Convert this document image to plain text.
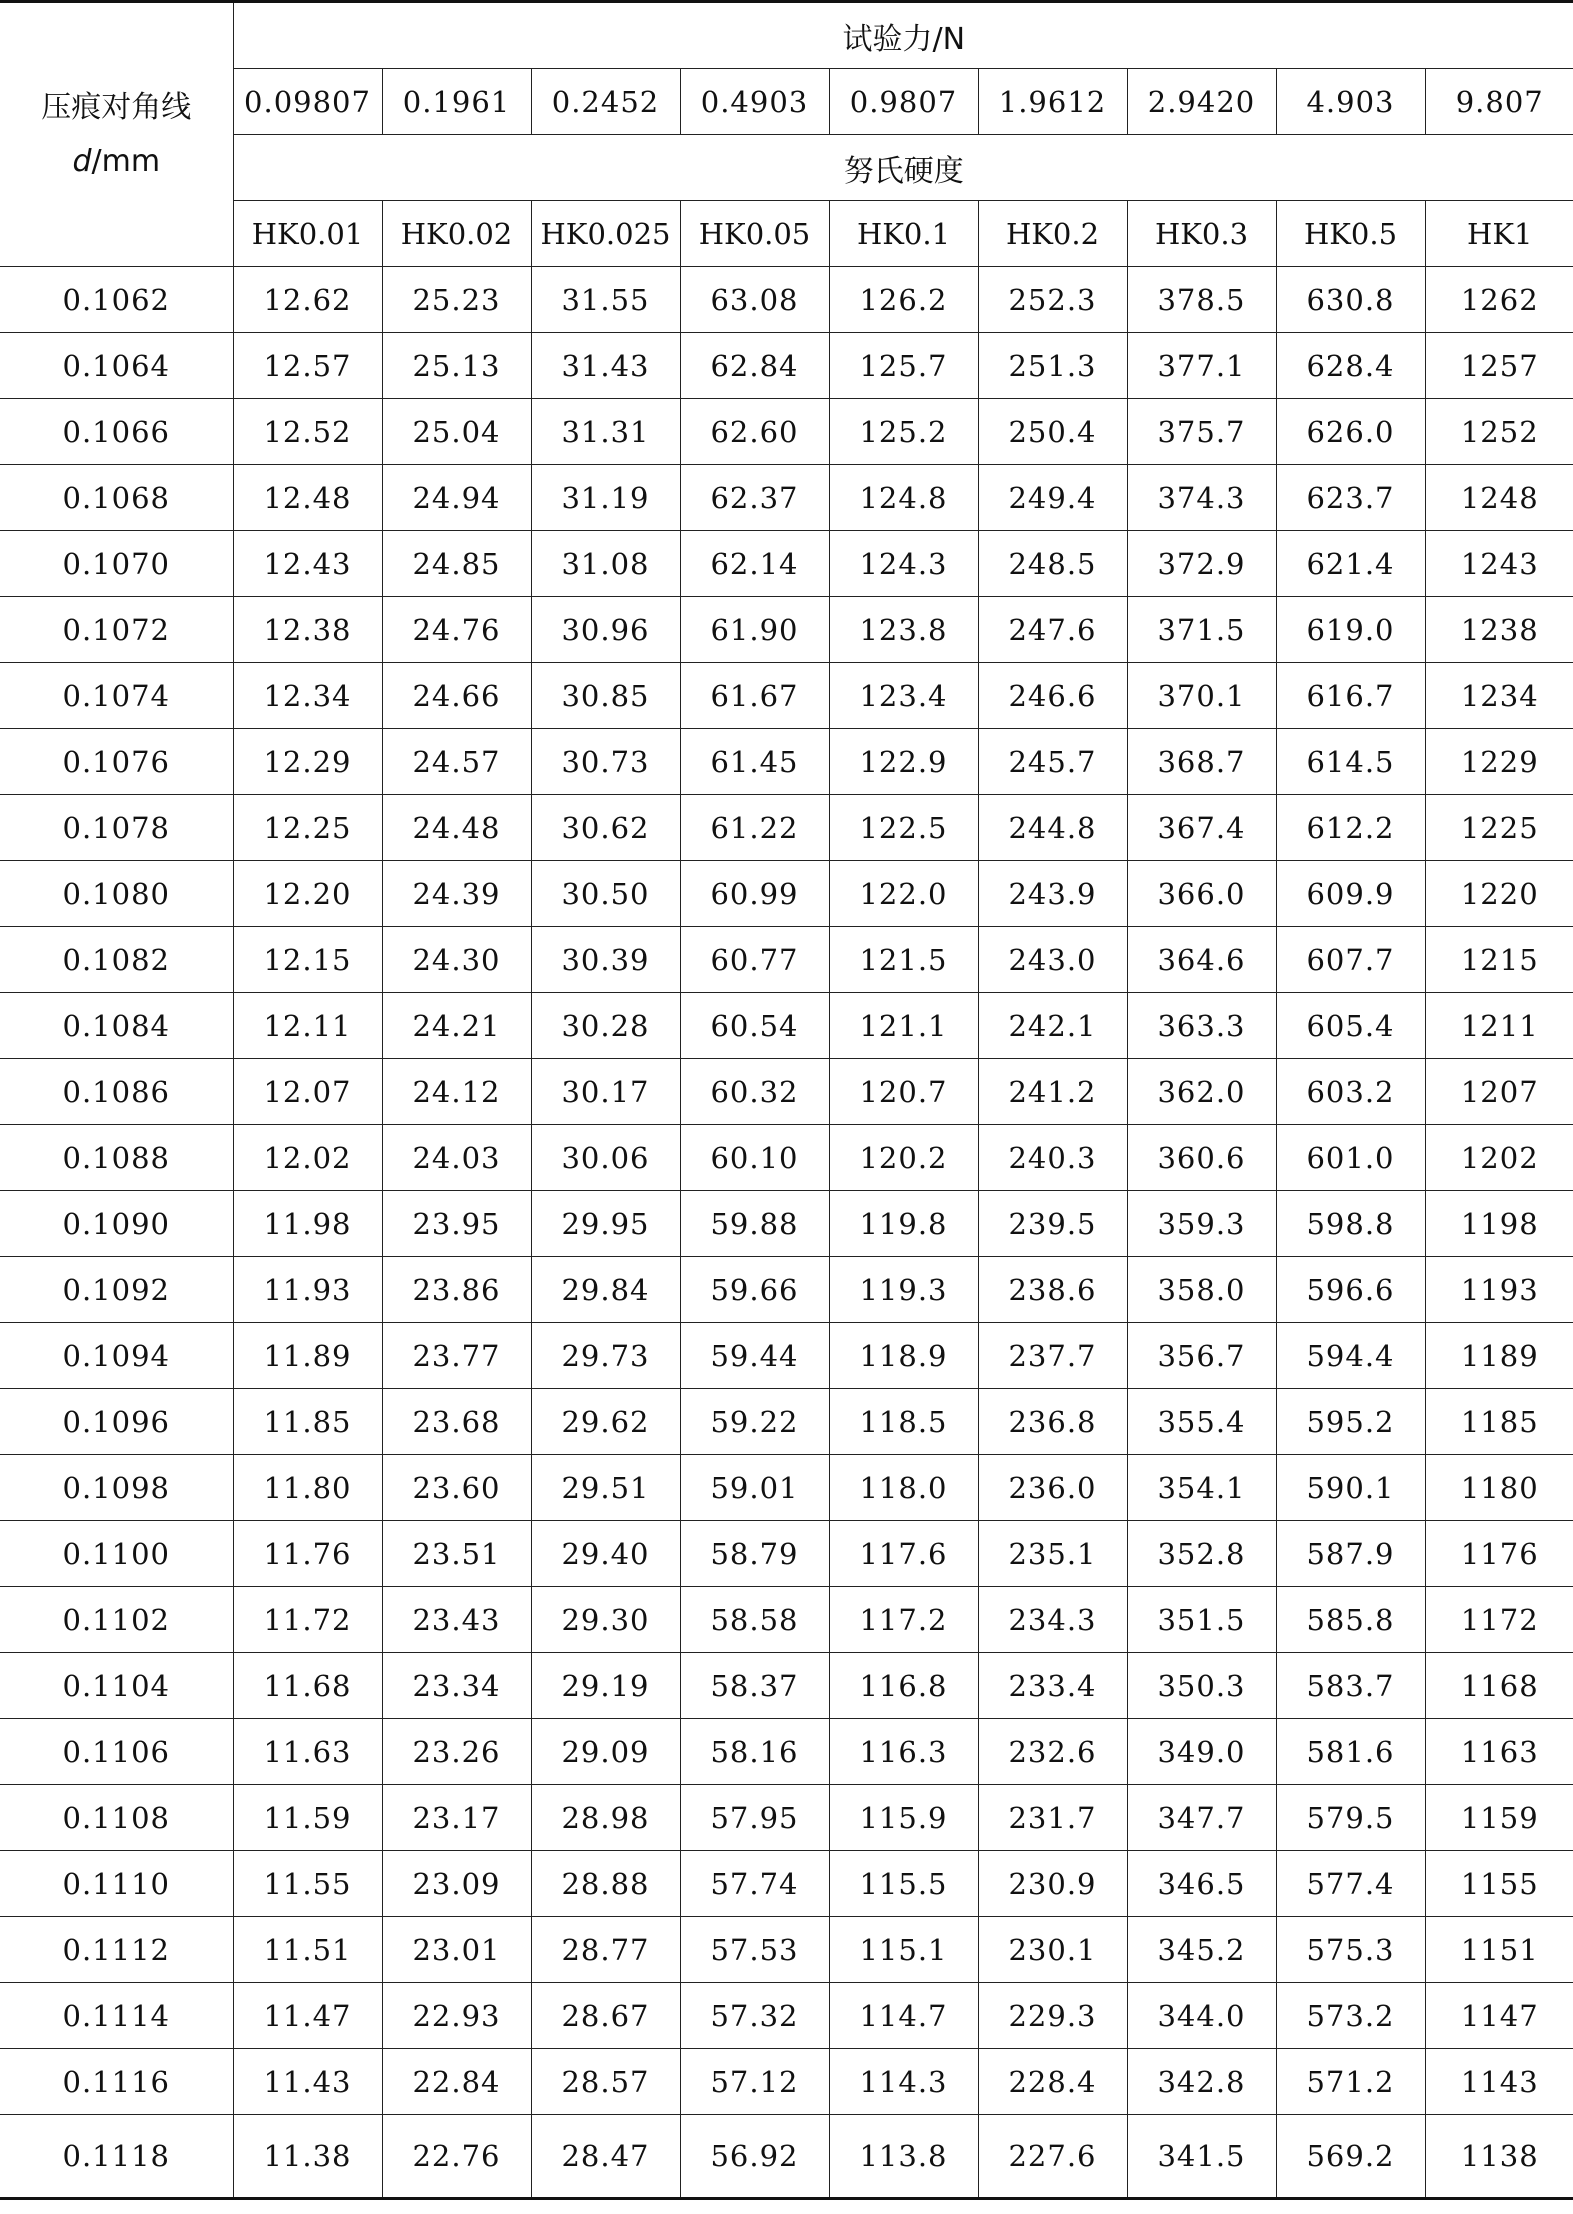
压痕对角线
d/mm	试验力/N								
	0.09807	0.1961	0.2452	0.4903	0.9807	1.9612	2.9420	4.903	9.807
	努氏硬度								
	HK0.01	HK0.02	HK0.025	HK0.05	HK0.1	HK0.2	HK0.3	HK0.5	HK1
0.1062	12.62	25.23	31.55	63.08	126.2	252.3	378.5	630.8	1262
0.1064	12.57	25.13	31.43	62.84	125.7	251.3	377.1	628.4	1257
0.1066	12.52	25.04	31.31	62.60	125.2	250.4	375.7	626.0	1252
0.1068	12.48	24.94	31.19	62.37	124.8	249.4	374.3	623.7	1248
0.1070	12.43	24.85	31.08	62.14	124.3	248.5	372.9	621.4	1243
0.1072	12.38	24.76	30.96	61.90	123.8	247.6	371.5	619.0	1238
0.1074	12.34	24.66	30.85	61.67	123.4	246.6	370.1	616.7	1234
0.1076	12.29	24.57	30.73	61.45	122.9	245.7	368.7	614.5	1229
0.1078	12.25	24.48	30.62	61.22	122.5	244.8	367.4	612.2	1225
0.1080	12.20	24.39	30.50	60.99	122.0	243.9	366.0	609.9	1220
0.1082	12.15	24.30	30.39	60.77	121.5	243.0	364.6	607.7	1215
0.1084	12.11	24.21	30.28	60.54	121.1	242.1	363.3	605.4	1211
0.1086	12.07	24.12	30.17	60.32	120.7	241.2	362.0	603.2	1207
0.1088	12.02	24.03	30.06	60.10	120.2	240.3	360.6	601.0	1202
0.1090	11.98	23.95	29.95	59.88	119.8	239.5	359.3	598.8	1198
0.1092	11.93	23.86	29.84	59.66	119.3	238.6	358.0	596.6	1193
0.1094	11.89	23.77	29.73	59.44	118.9	237.7	356.7	594.4	1189
0.1096	11.85	23.68	29.62	59.22	118.5	236.8	355.4	595.2	1185
0.1098	11.80	23.60	29.51	59.01	118.0	236.0	354.1	590.1	1180
0.1100	11.76	23.51	29.40	58.79	117.6	235.1	352.8	587.9	1176
0.1102	11.72	23.43	29.30	58.58	117.2	234.3	351.5	585.8	1172
0.1104	11.68	23.34	29.19	58.37	116.8	233.4	350.3	583.7	1168
0.1106	11.63	23.26	29.09	58.16	116.3	232.6	349.0	581.6	1163
0.1108	11.59	23.17	28.98	57.95	115.9	231.7	347.7	579.5	1159
0.1110	11.55	23.09	28.88	57.74	115.5	230.9	346.5	577.4	1155
0.1112	11.51	23.01	28.77	57.53	115.1	230.1	345.2	575.3	1151
0.1114	11.47	22.93	28.67	57.32	114.7	229.3	344.0	573.2	1147
0.1116	11.43	22.84	28.57	57.12	114.3	228.4	342.8	571.2	1143
0.1118	11.38	22.76	28.47	56.92	113.8	227.6	341.5	569.2	1138
